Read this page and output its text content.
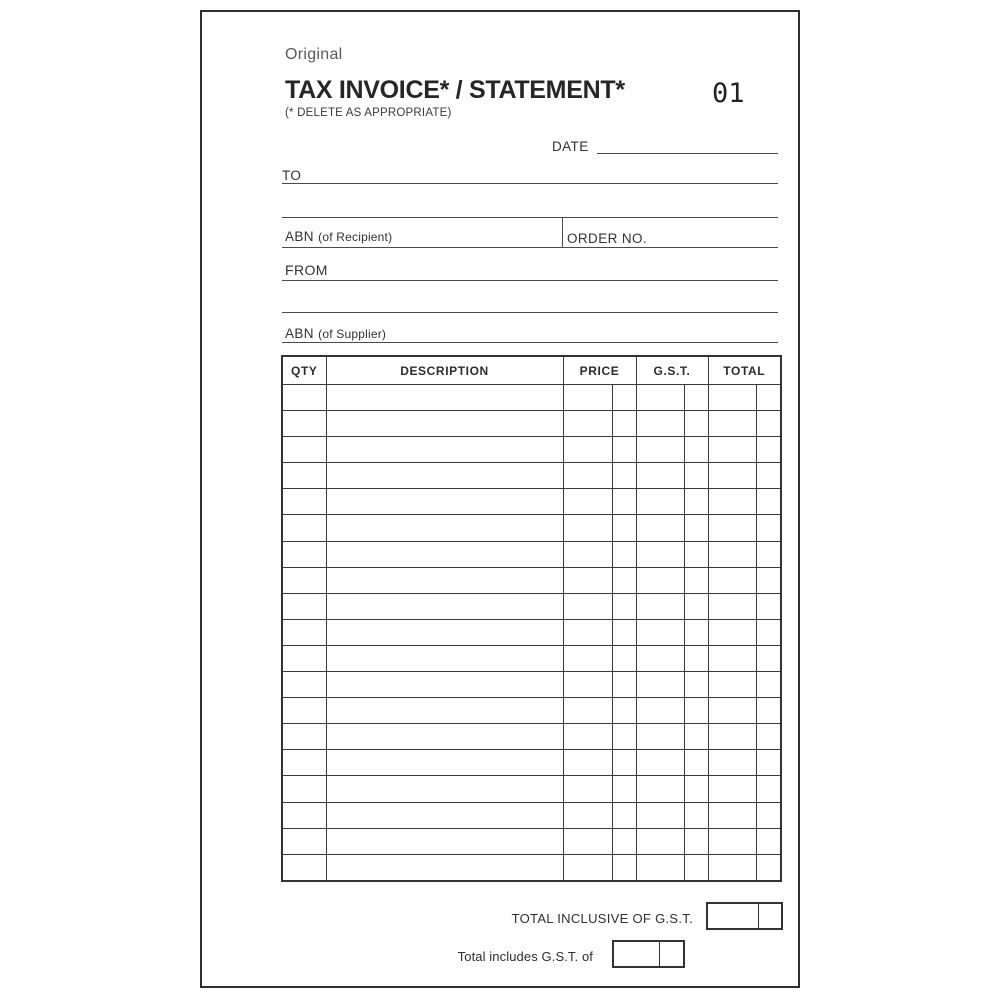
Original
TAX INVOICE* / STATEMENT*	01
(* DELETE AS APPROPRIATE)
DATE
TO
ABN (of Recipient)	ORDER NO.
FROM
ABN (of Supplier)
QTY	DESCRIPTION	PRICE	G.S.T.	TOTAL

TOTAL INCLUSIVE OF G.S.T.
Total includes G.S.T. of
